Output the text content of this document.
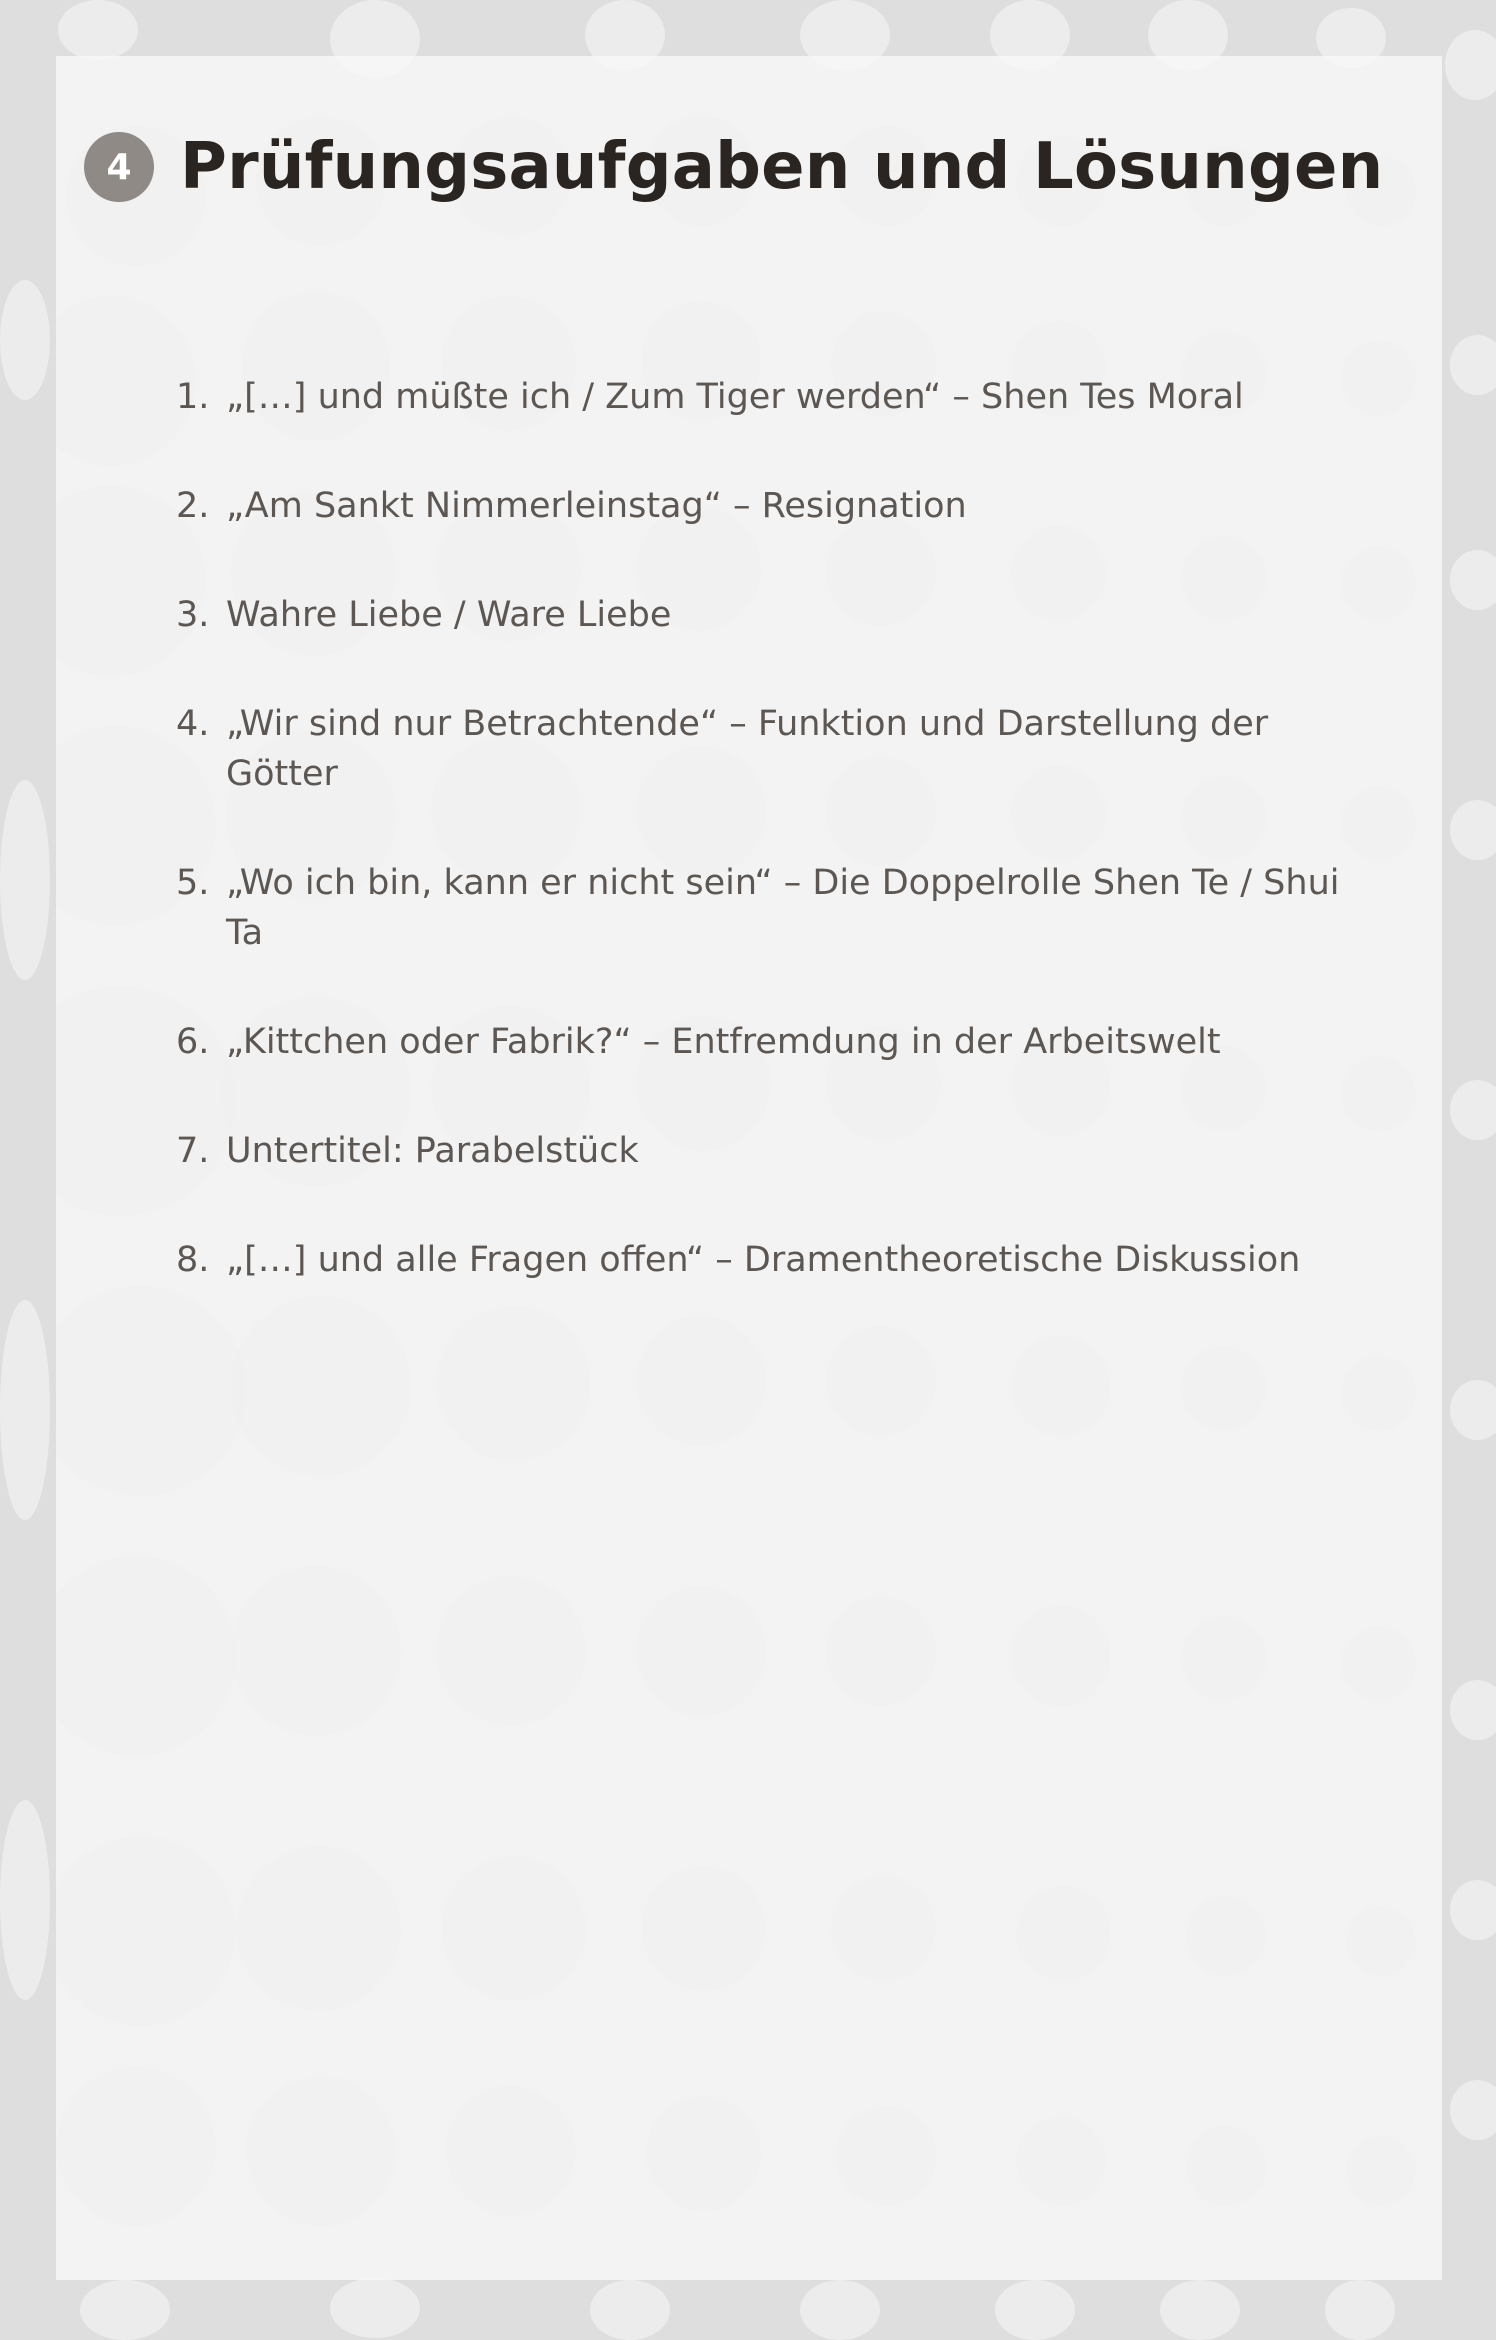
4 Prüfungsaufgaben und Lösungen
1. „[…] und müßte ich / Zum Tiger werden“ – Shen Tes Moral
2. „Am Sankt Nimmerleinstag“ – Resignation
3. Wahre Liebe / Ware Liebe
4. „Wir sind nur Betrachtende“ – Funktion und Darstellung der Götter
5. „Wo ich bin, kann er nicht sein“ – Die Doppelrolle Shen Te / Shui Ta
6. „Kittchen oder Fabrik?“ – Entfremdung in der Arbeitswelt
7. Untertitel: Parabelstück
8. „[…] und alle Fragen offen“ – Dramentheoretische Diskussion
